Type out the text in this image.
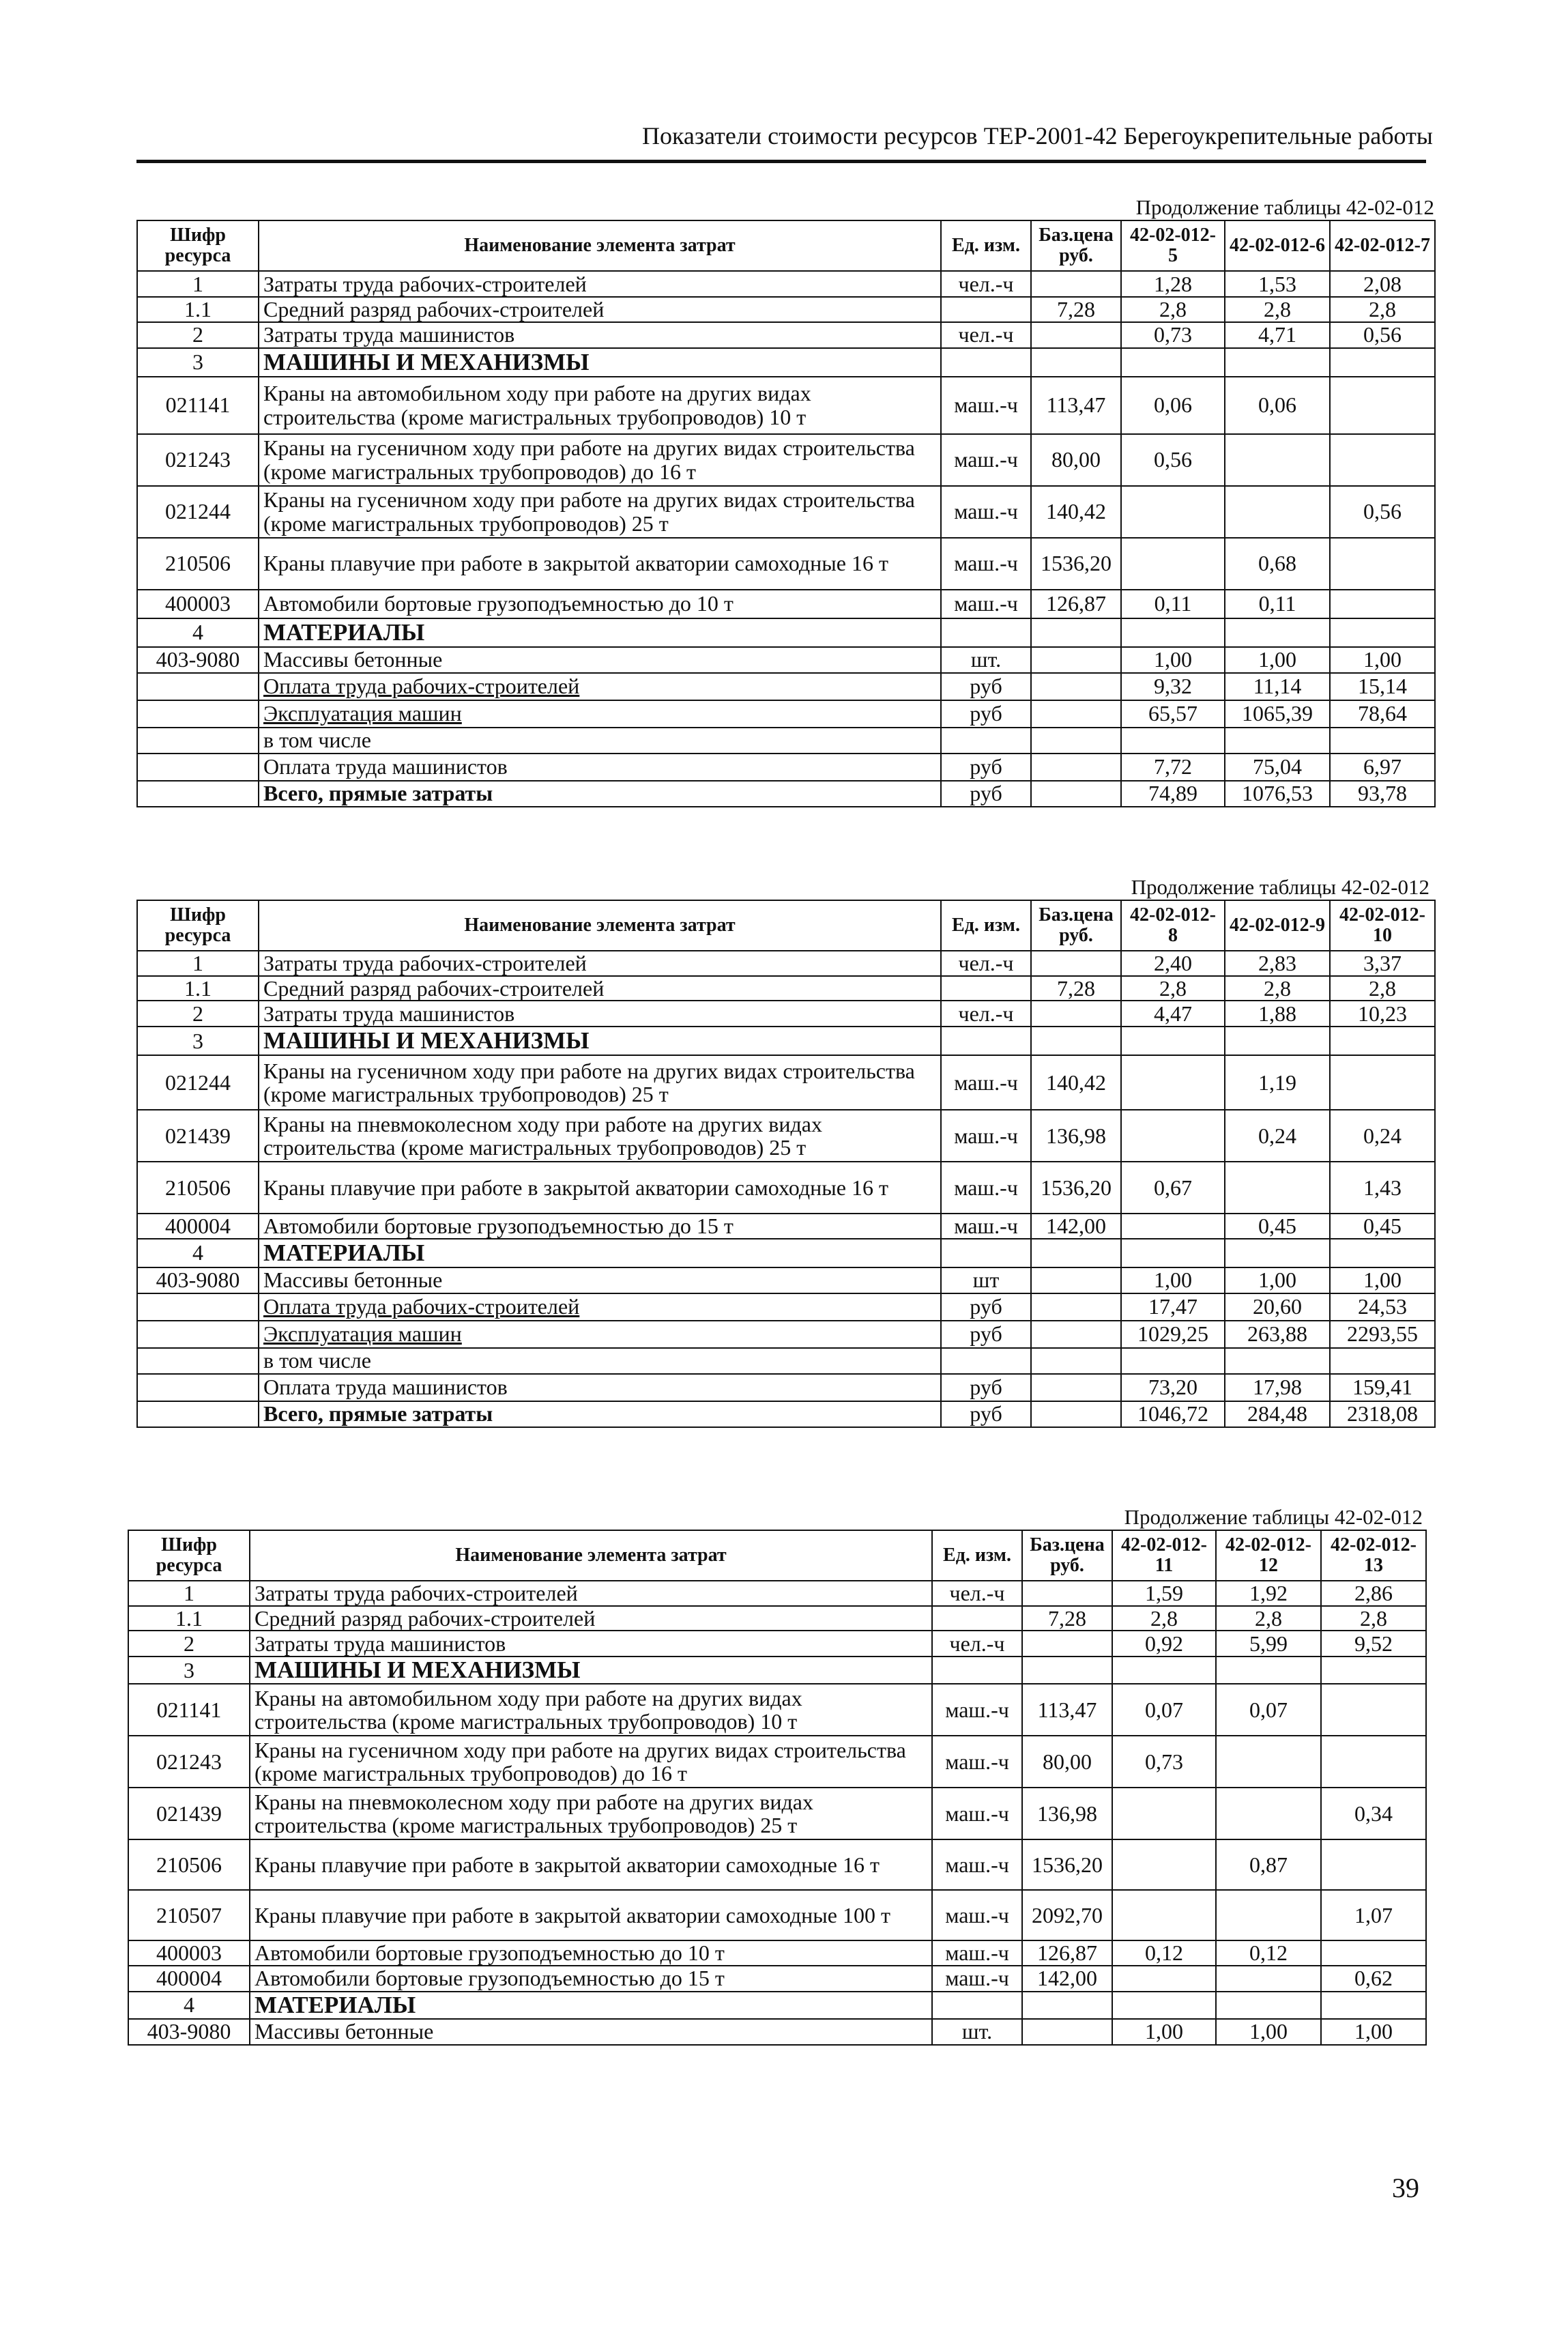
Показатели стоимости ресурсов ТЕР-2001-42 Берегоукрепительные работы
Продолжение таблицы 42-02-012
Шифр ресурса	Наименование элемента затрат	Ед. изм.	Баз.цена руб.	42-02-012-5	42-02-012-6	42-02-012-7
1	Затраты труда рабочих-строителей	чел.-ч		1,28	1,53	2,08
1.1	Средний разряд рабочих-строителей		7,28	2,8	2,8	2,8
2	Затраты труда машинистов	чел.-ч		0,73	4,71	0,56
3	МАШИНЫ И МЕХАНИЗМЫ					
021141	Краны на автомобильном ходу при работе на других видах строительства (кроме магистральных трубопроводов) 10 т	маш.-ч	113,47	0,06	0,06	
021243	Краны на гусеничном ходу при работе на других видах строительства (кроме магистральных трубопроводов) до 16 т	маш.-ч	80,00	0,56		
021244	Краны на гусеничном ходу при работе на других видах строительства (кроме магистральных трубопроводов) 25 т	маш.-ч	140,42			0,56
210506	Краны плавучие при работе в закрытой акватории самоходные 16 т	маш.-ч	1536,20		0,68	
400003	Автомобили бортовые грузоподъемностью до 10 т	маш.-ч	126,87	0,11	0,11	
4	МАТЕРИАЛЫ					
403-9080	Массивы бетонные	шт.		1,00	1,00	1,00
	Оплата труда рабочих-строителей	руб		9,32	11,14	15,14
	Эксплуатация машин	руб		65,57	1065,39	78,64
	в том числе					
	Оплата труда машинистов	руб		7,72	75,04	6,97
	Всего, прямые затраты	руб		74,89	1076,53	93,78
Продолжение таблицы 42-02-012
Шифр ресурса	Наименование элемента затрат	Ед. изм.	Баз.цена руб.	42-02-012-8	42-02-012-9	42-02-012-10
1	Затраты труда рабочих-строителей	чел.-ч		2,40	2,83	3,37
1.1	Средний разряд рабочих-строителей		7,28	2,8	2,8	2,8
2	Затраты труда машинистов	чел.-ч		4,47	1,88	10,23
3	МАШИНЫ И МЕХАНИЗМЫ					
021244	Краны на гусеничном ходу при работе на других видах строительства (кроме магистральных трубопроводов) 25 т	маш.-ч	140,42		1,19	
021439	Краны на пневмоколесном ходу при работе на других видах строительства (кроме магистральных трубопроводов) 25 т	маш.-ч	136,98		0,24	0,24
210506	Краны плавучие при работе в закрытой акватории самоходные 16 т	маш.-ч	1536,20	0,67		1,43
400004	Автомобили бортовые грузоподъемностью до 15 т	маш.-ч	142,00		0,45	0,45
4	МАТЕРИАЛЫ					
403-9080	Массивы бетонные	шт		1,00	1,00	1,00
	Оплата труда рабочих-строителей	руб		17,47	20,60	24,53
	Эксплуатация машин	руб		1029,25	263,88	2293,55
	в том числе					
	Оплата труда машинистов	руб		73,20	17,98	159,41
	Всего, прямые затраты	руб		1046,72	284,48	2318,08
Продолжение таблицы 42-02-012
Шифр ресурса	Наименование элемента затрат	Ед. изм.	Баз.цена руб.	42-02-012-11	42-02-012-12	42-02-012-13
1	Затраты труда рабочих-строителей	чел.-ч		1,59	1,92	2,86
1.1	Средний разряд рабочих-строителей		7,28	2,8	2,8	2,8
2	Затраты труда машинистов	чел.-ч		0,92	5,99	9,52
3	МАШИНЫ И МЕХАНИЗМЫ					
021141	Краны на автомобильном ходу при работе на других видах строительства (кроме магистральных трубопроводов) 10 т	маш.-ч	113,47	0,07	0,07	
021243	Краны на гусеничном ходу при работе на других видах строительства (кроме магистральных трубопроводов) до 16 т	маш.-ч	80,00	0,73		
021439	Краны на пневмоколесном ходу при работе на других видах строительства (кроме магистральных трубопроводов) 25 т	маш.-ч	136,98			0,34
210506	Краны плавучие при работе в закрытой акватории самоходные 16 т	маш.-ч	1536,20		0,87	
210507	Краны плавучие при работе в закрытой акватории самоходные 100 т	маш.-ч	2092,70			1,07
400003	Автомобили бортовые грузоподъемностью до 10 т	маш.-ч	126,87	0,12	0,12	
400004	Автомобили бортовые грузоподъемностью до 15 т	маш.-ч	142,00			0,62
4	МАТЕРИАЛЫ					
403-9080	Массивы бетонные	шт.		1,00	1,00	1,00
39
